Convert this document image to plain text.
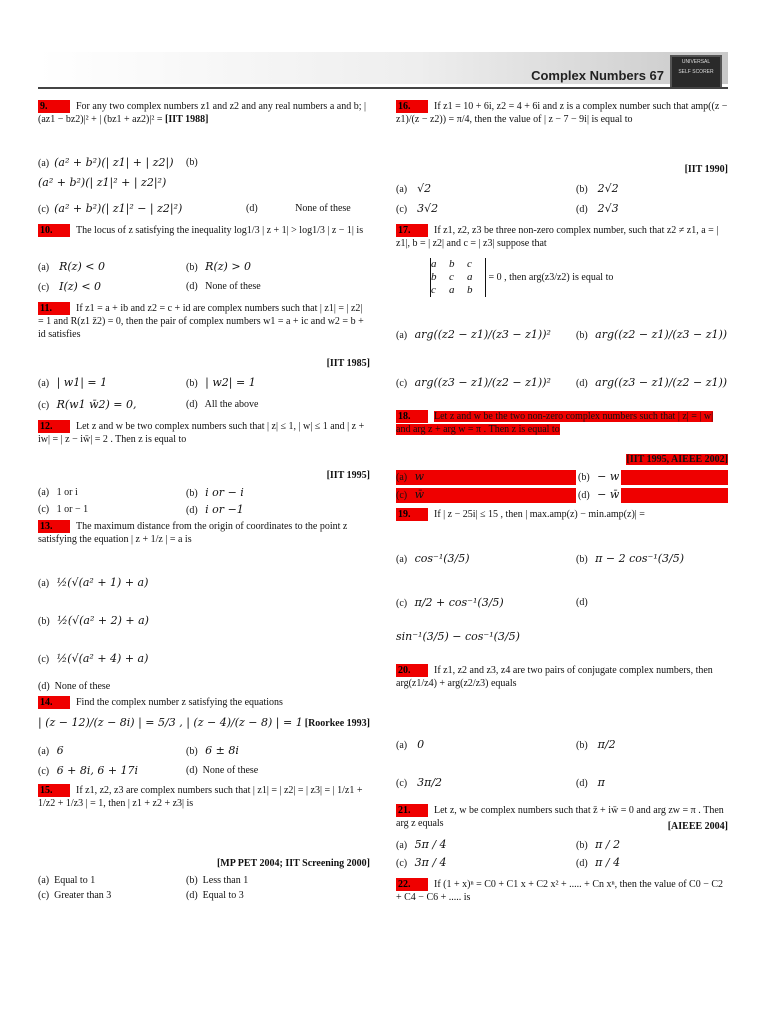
Complex Numbers 67
UNIVERSAL
SELF SCORER
9.	For any two complex numbers z1 and z2 and any real numbers a and b; | (az1 − bz2)|² + | (bz1 + az2)|² = [IIT 1988]
(a) (a² + b²)(| z1| + | z2|) (b)
(a² + b²)(| z1|² + | z2|²)
(c) (a² + b²)(| z1|² − | z2|²)	(d)	None of these
10. The locus of z satisfying the inequality log1/3 | z + 1| > log1/3 | z − 1| is
(a) R(z) < 0	(b) R(z) > 0
(c) I(z) < 0	(d) None of these
11. If z1 = a + ib and z2 = c + id are complex numbers such that | z1| = | z2| = 1 and R(z1 z̄2) = 0, then the pair of complex numbers w1 = a + ic and w2 = b + id satisfies
[IIT 1985]
(a) | w1| = 1	(b) | w2| = 1
(c) R(w1 w̄2) = 0,	(d) All the above
12. Let z and w be two complex numbers such that | z| ≤ 1, | w| ≤ 1 and | z + iw| = | z − iw̄| = 2 . Then z is equal to
[IIT 1995]
(a) 1 or i	(b) i or − i
(c) 1 or − 1	(d) i or −1
13. The maximum distance from the origin of coordinates to the point z satisfying the equation | z + 1/z | = a is
(a) ½(√(a² + 1) + a)
(b) ½(√(a² + 2) + a)
(c) ½(√(a² + 4) + a)
(d) None of these
14. Find the complex number z satisfying the equations
| (z − 12)/(z − 8i) | = 5/3 , | (z − 4)/(z − 8) | = 1 [Roorkee 1993]
(a) 6	(b) 6 ± 8i
(c) 6 + 8i, 6 + 17i	(d) None of these
15. If z1, z2, z3 are complex numbers such that | z1| = | z2| = | z3| = | 1/z1 + 1/z2 + 1/z3 | = 1, then | z1 + z2 + z3| is
[MP PET 2004; IIT Screening 2000]
(a) Equal to 1	(b) Less than 1
(c) Greater than 3	(d) Equal to 3
16. If z1 = 10 + 6i, z2 = 4 + 6i and z is a complex number such that amp((z − z1)/(z − z2)) = π/4, then the value of | z − 7 − 9i| is equal to
[IIT 1990]
(a) √2	(b) 2√2
(c) 3√2	(d) 2√3
17. If z1, z2, z3 be three non-zero complex number, such that z2 ≠ z1, a = | z1|, b = | z2| and c = | z3| suppose that
a	b	c
b	c	a
c	a	b
= 0 , then arg(z3/z2) is equal to
(a) arg((z2 − z1)/(z3 − z1))²	(b) arg((z2 − z1)/(z3 − z1))
(c) arg((z3 − z1)/(z2 − z1))²	(d) arg((z3 − z1)/(z2 − z1))
18. Let z and w be the two non-zero complex numbers such that | z| = | w| and arg z + arg w = π . Then z is equal to
[IIT 1995, AIEEE 2002]
(a) w	(b) − w
(c) w̄	(d) − w̄
19. If | z − 25i| ≤ 15 , then | max.amp(z) − min.amp(z)| =
(a) cos⁻¹(3/5)	(b) π − 2 cos⁻¹(3/5)
(c) π/2 + cos⁻¹(3/5)	(d)
sin⁻¹(3/5) − cos⁻¹(3/5)
20. If z1, z2 and z3, z4 are two pairs of conjugate complex numbers, then arg(z1/z4) + arg(z2/z3) equals
(a) 0	(b) π/2
(c) 3π/2	(d) π
21. Let z, w be complex numbers such that z̄ + iw̄ = 0 and arg zw = π . Then arg z equals	[AIEEE 2004]
(a) 5π / 4	(b) π / 2
(c) 3π / 4	(d) π / 4
22. If (1 + x)ⁿ = C0 + C1 x + C2 x² + ..... + Cn xⁿ, then the value of C0 − C2 + C4 − C6 + ..... is
